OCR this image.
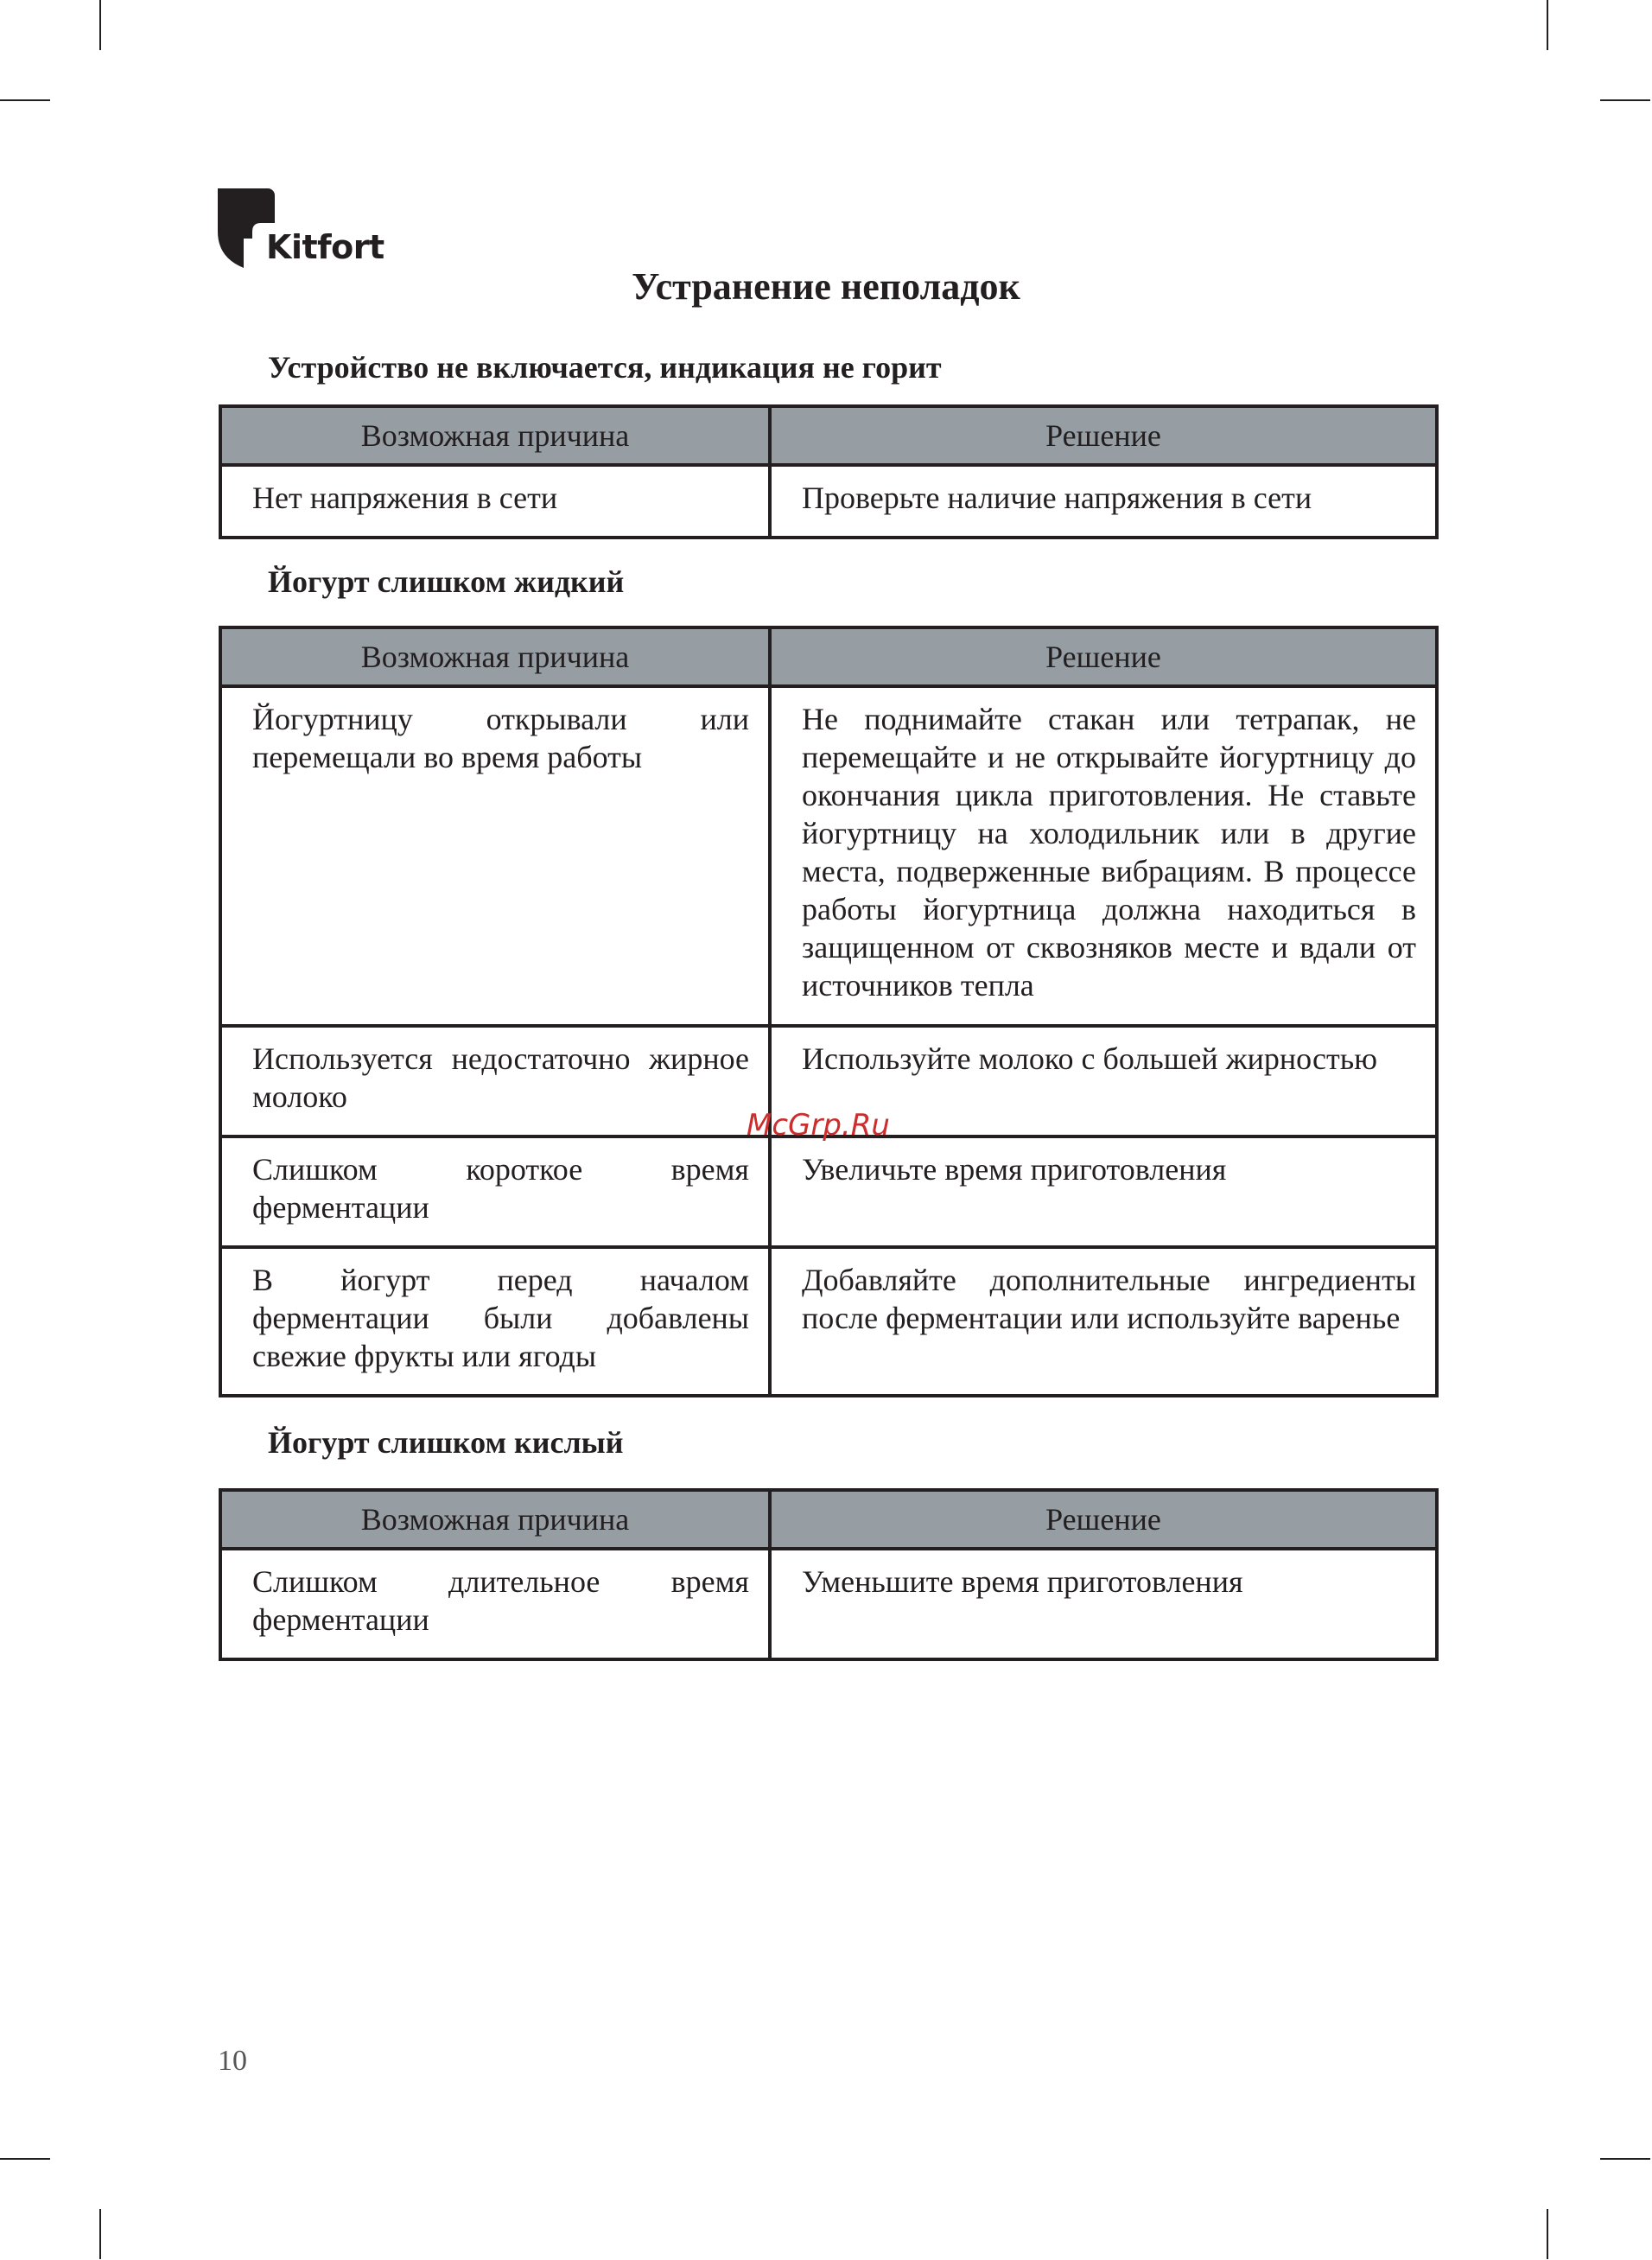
Kitfort
Устранение неполадок
Устройство не включается, индикация не горит
Возможная причина	Решение
Нет напряжения в сети	Проверьте наличие напряжения в сети
Йогурт слишком жидкий
Возможная причина	Решение
Йогуртницу открывали или перемещали во время работы	Не поднимайте стакан или тетрапак, не перемещайте и не открывайте йогуртницу до окончания цикла приготовления. Не ставьте йогуртницу на холодильник или в другие места, подверженные вибрациям. В процессе работы йогуртница должна находиться в защищенном от сквозняков месте и вдали от источников тепла
Используется недостаточно жирное молоко	Используйте молоко с большей жирностью
Слишком короткое время ферментации	Увеличьте время приготовления
В йогурт перед началом ферментации были добавлены свежие фрукты или ягоды	Добавляйте дополнительные ингредиенты после ферментации или используйте варенье
Йогурт слишком кислый
Возможная причина	Решение
Слишком длительное время ферментации	Уменьшите время приготовления
McGrp.Ru
10
